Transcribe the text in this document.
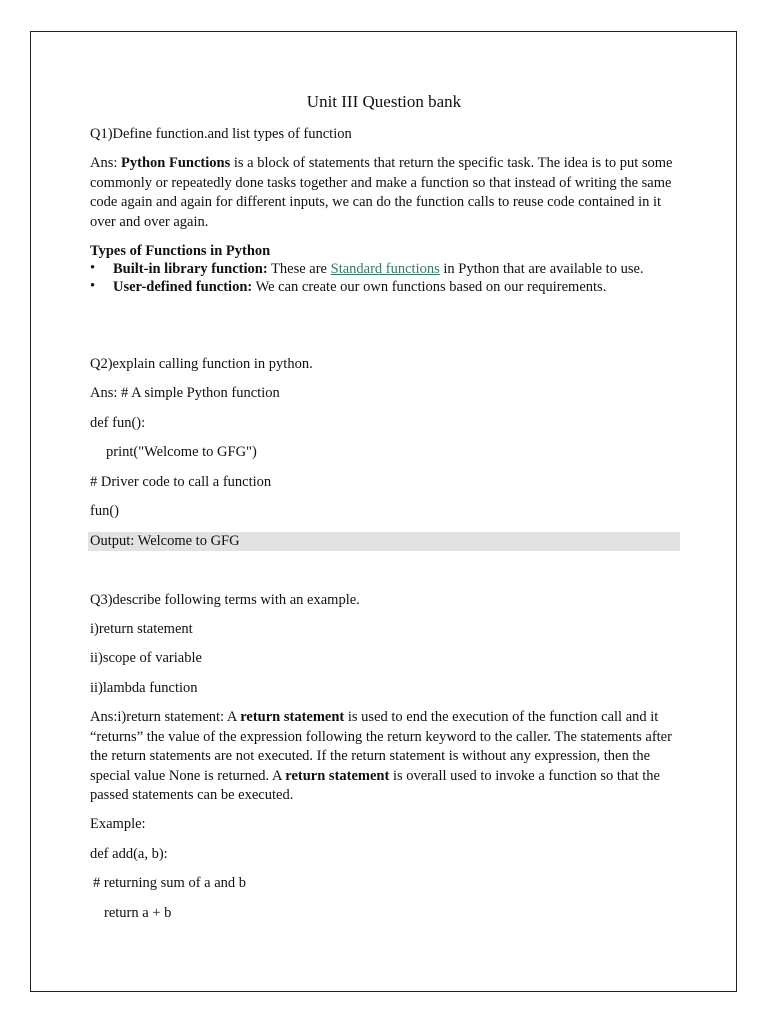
Unit III Question bank
Q1)Define function.and list types of function
Ans: Python Functions is a block of statements that return the specific task. The idea is to put some commonly or repeatedly done tasks together and make a function so that instead of writing the same code again and again for different inputs, we can do the function calls to reuse code contained in it over and over again.
Types of Functions in Python
• Built-in library function: These are Standard functions in Python that are available to use.
• User-defined function: We can create our own functions based on our requirements.
Q2)explain calling function in python.
Ans: # A simple Python function
def fun():
print("Welcome to GFG")
# Driver code to call a function
fun()
Output: Welcome to GFG
Q3)describe following terms with an example.
i)return statement
ii)scope of variable
ii)lambda function
Ans:i)return statement: A return statement is used to end the execution of the function call and it “returns” the value of the expression following the return keyword to the caller. The statements after the return statements are not executed. If the return statement is without any expression, then the special value None is returned. A return statement is overall used to invoke a function so that the passed statements can be executed.
Example:
def add(a, b):
# returning sum of a and b
return a + b
